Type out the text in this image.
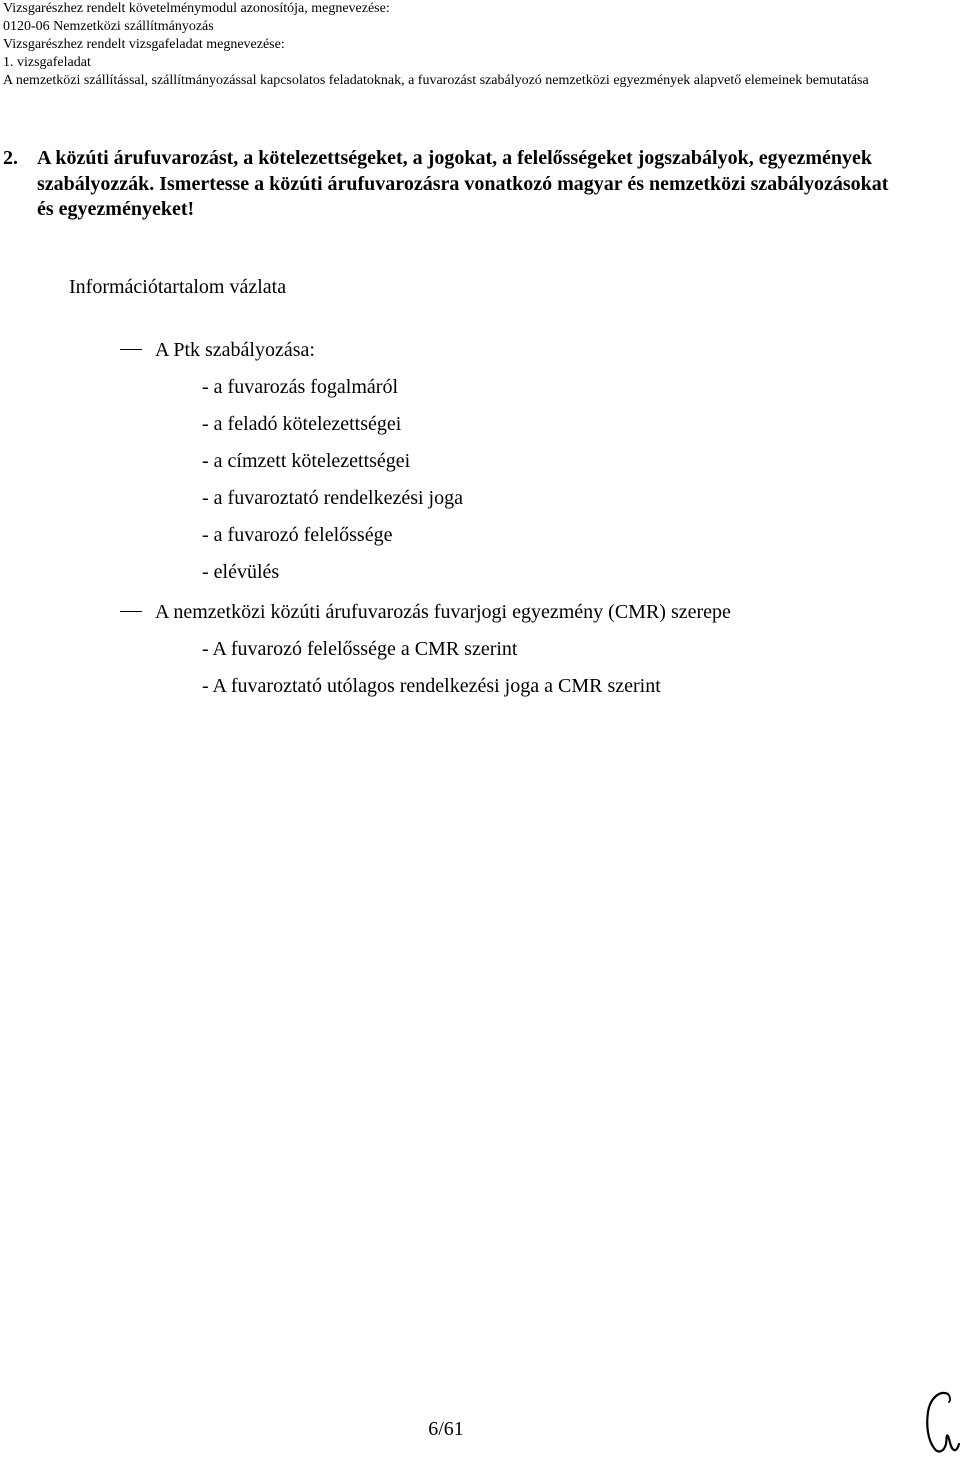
Vizsgarészhez rendelt követelménymodul azonosítója, megnevezése:
0120-06 Nemzetközi szállítmányozás
Vizsgarészhez rendelt vizsgafeladat megnevezése:
1. vizsgafeladat
A nemzetközi szállítással, szállítmányozással kapcsolatos feladatoknak, a fuvarozást szabályozó nemzetközi egyezmények alapvető elemeinek bemutatása
2. A közúti árufuvarozást, a kötelezettségeket, a jogokat, a felelősségeket jogszabályok, egyezmények szabályozzák. Ismertesse a közúti árufuvarozásra vonatkozó magyar és nemzetközi szabályozásokat és egyezményeket!
Információtartalom vázlata
A Ptk szabályozása:
- a fuvarozás fogalmáról
- a feladó kötelezettségei
- a címzett kötelezettségei
- a fuvaroztató rendelkezési joga
- a fuvarozó felelőssége
- elévülés
A nemzetközi közúti árufuvarozás fuvarjogi egyezmény (CMR) szerepe
- A fuvarozó felelőssége a CMR szerint
- A fuvaroztató utólagos rendelkezési joga a CMR szerint
6/61
